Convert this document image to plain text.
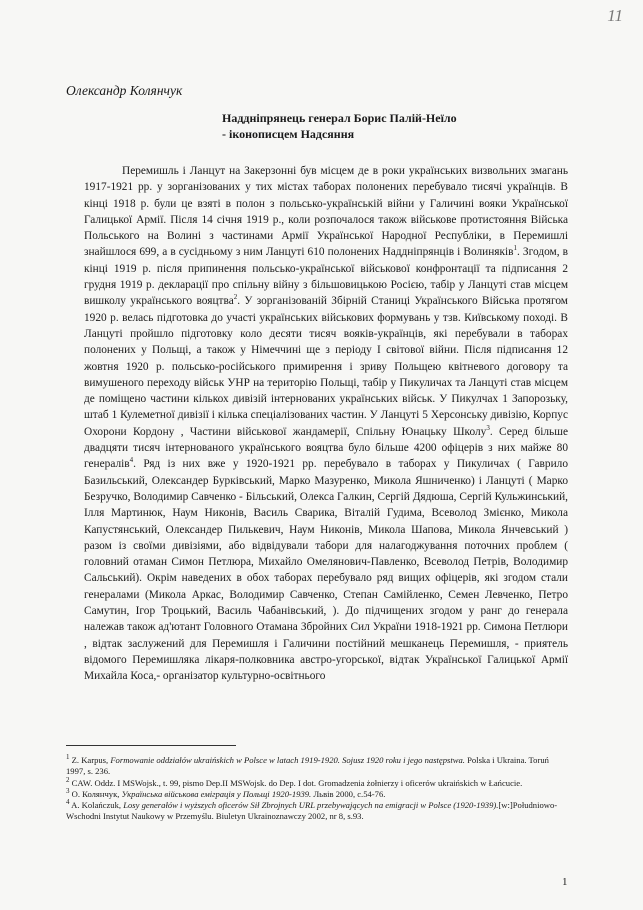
11
Олександр Колянчук
Наддніпрянець генерал Борис Палій-Неїло
- іконописцем Надсяння

Перемишль і Ланцут на Закерзонні був місцем де в роки українських визвольних змагань 1917-1921 рр. у зорганізованих у тих містах таборах полонених перебувало тисячі українців. В кінці 1918 р. були це взяті в полон з польсько-українській війни у Галичині вояки Української Галицької Армії. Після 14 січня 1919 р., коли розпочалося також військове протистояння Війська Польського на Волині з частинами Армії Української Народної Республіки, в Перемишлі знайшлося 699, а в сусідньому з ним Ланцуті 610 полонених Наддніпрянців і Волиняків$^1$. Згодом, в кінці 1919 р. після припинення польсько-української військової конфронтації та підписання 2 грудня 1919 р. декларації про спільну війну з більшовицькою Росією, табір у Ланцуті став місцем вишколу українського вояцтва$^2$. У зорганізованій Збірній Станиці Українського Війська протягом 1920 р. велась підготовка до участі українських військових формувань у тзв. Київському поході. В Ланцуті пройшло підготовку коло десяти тисяч вояків-українців, які перебували в таборах полонених у Польщі, а також у Німеччині ще з періоду І світової війни. Після підписання 12 жовтня 1920 р. польсько-російського примирення і зриву Польщею квітневого договору та вимушеного переходу військ УНР на територію Польщі, табір у Пикуличах та Ланцуті став місцем де поміщено частини кількох дивізій інтернованих українських військ. У Пикулчах 1 Запорозьку, штаб 1 Кулеметної дивізії і кілька спеціалізованих частин. У Ланцуті 5 Херсонську дивізію, Корпус Охорони Кордону , Частини військової жандамерії, Спільну Юнацьку Школу$^3$. Серед більше двадцяти тисяч інтернованого українського вояцтва було більше 4200 офіцерів з них майже 80 генералів$^4$. Ряд із них вже у 1920-1921 рр. перебувало в таборах у Пикуличах ( Гаврило Базильський, Олександер Бурківський, Марко Мазуренко, Микола Яшниченко) і Ланцуті ( Марко Безручко, Володимир Савченко - Більський, Олекса Галкин, Сергій Дядюша, Сергій Кульжинський, Ілля Мартинюк, Наум Никонів, Василь Сварика, Віталій Гудима, Всеволод Змієнко, Микола Капустянський, Олександер Пилькевич, Наум Никонів, Микола Шапова, Микола Янчевський ) разом із своїми дивізіями, або відвідували табори для налагоджування поточних проблем ( головний отаман Симон Петлюра, Михайло Омелянович-Павленко, Всеволод Петрів, Володимир Сальський). Окрім наведених в обох таборах перебувало ряд вищих офіцерів, які згодом стали генералами (Микола Аркас, Володимир Савченко, Степан Самійленко, Семен Левченко, Петро Самутин, Ігор Троцький, Василь Чабанівський, ). До підчищених згодом у ранг до генерала належав також ад'ютант Головного Отамана Збройних Сил України 1918-1921 рр. Симона Петлюри , відтак заслужений для Перемишля і Галичини постійний мешканець Перемишля, - приятель відомого Перемишляка лікаря-полковника австро-угорської, відтак Української Галицької Армії Михайла Коса,- організатор культурно-освітнього

$^1$ Z. Karpus, Formowanie oddziałów ukraińskich w Polsce w latach 1919-1920. Sojusz 1920 roku i jego następstwa. Polska i Ukraina. Toruń 1997, s. 236.

$^2$ CAW. Oddz. I MSWojsk., t. 99, pismo Dep.II MSWojsk. do Dep. I dot. Gromadzenia żołnierzy i oficerów ukraińskich w Łańcucie.

$^3$ О. Колянчук, Українська військова еміграція у Польщі 1920-1939. Львів 2000, с.54-76.

$^4$ A. Kolańczuk, Losy generałów i wyższych oficerów Sił Zbrojnych URL przebywających na emigracji w Polsce (1920-1939).[w:]Południowo-Wschodni Instytut Naukowy w Przemyślu. Biuletyn Ukrainoznawczy 2002, nr 8, s.93.

1
